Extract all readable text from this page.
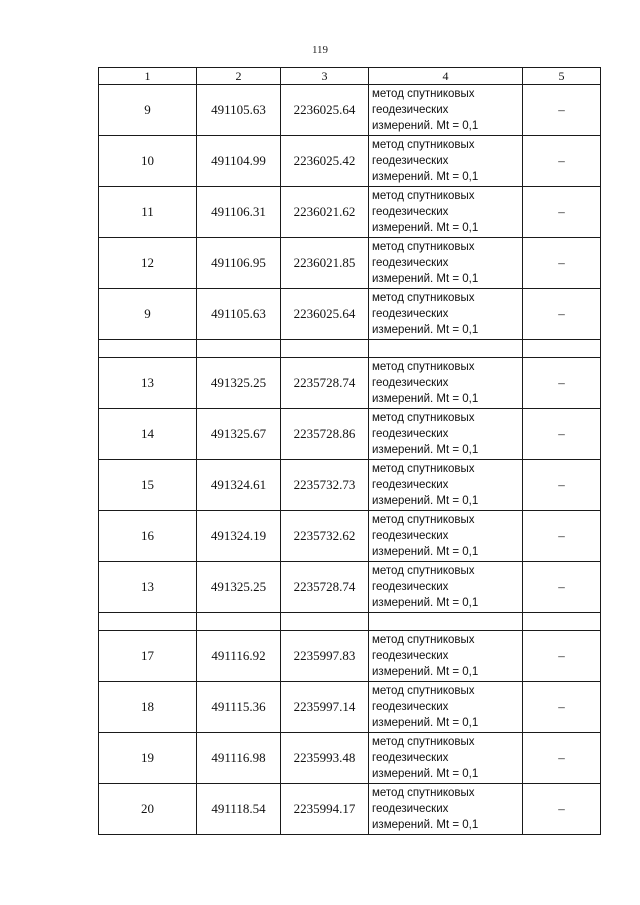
119
1	2	3	4	5
9	491105.63	2236025.64	метод спутниковых
геодезических
измерений. Mt = 0,1	–
10	491104.99	2236025.42	метод спутниковых
геодезических
измерений. Mt = 0,1	–
11	491106.31	2236021.62	метод спутниковых
геодезических
измерений. Mt = 0,1	–
12	491106.95	2236021.85	метод спутниковых
геодезических
измерений. Mt = 0,1	–
9	491105.63	2236025.64	метод спутниковых
геодезических
измерений. Mt = 0,1	–

13	491325.25	2235728.74	метод спутниковых
геодезических
измерений. Mt = 0,1	–
14	491325.67	2235728.86	метод спутниковых
геодезических
измерений. Mt = 0,1	–
15	491324.61	2235732.73	метод спутниковых
геодезических
измерений. Mt = 0,1	–
16	491324.19	2235732.62	метод спутниковых
геодезических
измерений. Mt = 0,1	–
13	491325.25	2235728.74	метод спутниковых
геодезических
измерений. Mt = 0,1	–

17	491116.92	2235997.83	метод спутниковых
геодезических
измерений. Mt = 0,1	–
18	491115.36	2235997.14	метод спутниковых
геодезических
измерений. Mt = 0,1	–
19	491116.98	2235993.48	метод спутниковых
геодезических
измерений. Mt = 0,1	–
20	491118.54	2235994.17	метод спутниковых
геодезических
измерений. Mt = 0,1	–
